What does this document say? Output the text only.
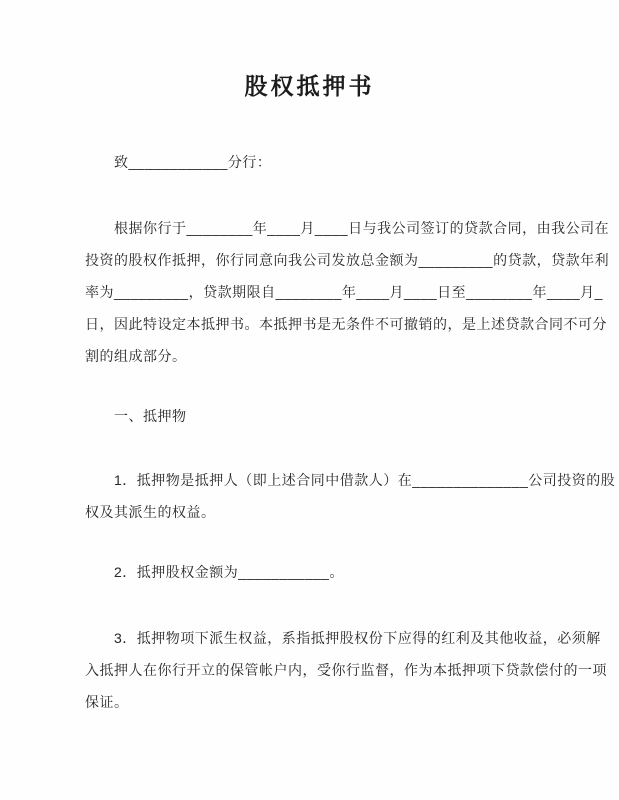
股权抵押书

致____________分行：

根据你行于________年____月____日与我公司签订的贷款合同，由我公司在

投资的股权作抵押，你行同意向我公司发放总金额为_________的贷款，贷款年利

率为_________，贷款期限自________年____月____日至________年____月_

日，因此特设定本抵押书。本抵押书是无条件不可撤销的，是上述贷款合同不可分

割的组成部分。

一、抵押物

1．抵押物是抵押人（即上述合同中借款人）在______________公司投资的股

权及其派生的权益。

2．抵押股权金额为___________。

3．抵押物项下派生权益，系指抵押股权份下应得的红利及其他收益，必须解

入抵押人在你行开立的保管帐户内，受你行监督，作为本抵押项下贷款偿付的一项

保证。
